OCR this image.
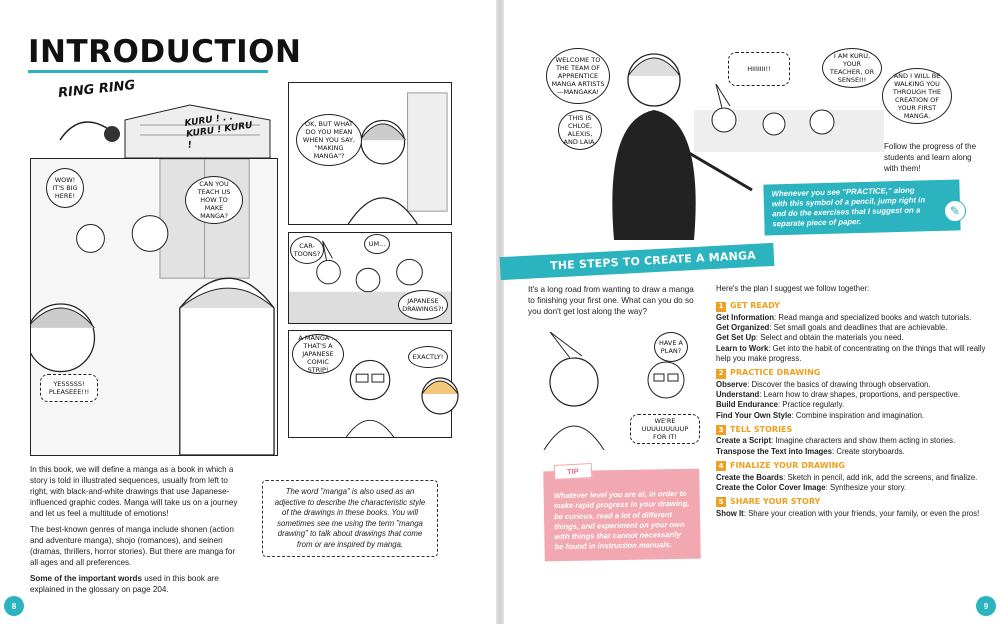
INTRODUCTION
RING RING
KURU ! . . KURU ! KURU !
WOW! IT'S BIG HERE!
CAN YOU TEACH US HOW TO MAKE MANGA?
YESSSSS! PLEASEEE!!!
OK, BUT WHAT DO YOU MEAN WHEN YOU SAY, "MAKING MANGA"?
CAR-TOONS?
UM...
JAPANESE DRAWINGS?!
A MANGA ... THAT'S A JAPANESE COMIC STRIP!
EXACTLY!

In this book, we will define a manga as a book in which a story is told in illustrated sequences, usually from left to right, with black-and-white drawings that use Japanese-influenced graphic codes. Manga will take us on a journey and let us feel a multitude of emotions!

The best-known genres of manga include shonen (action and adventure manga), shojo (romances), and seinen (dramas, thrillers, horror stories). But there are manga for all ages and all preferences.

Some of the important words used in this book are explained in the glossary on page 204.

The word "manga" is also used as an adjective to describe the characteristic style of the drawings in these books. You will sometimes see me using the term "manga drawing" to talk about drawings that come from or are inspired by manga.
8
WELCOME TO THE TEAM OF APPRENTICE MANGA ARTISTS—MANGAKA!
THIS IS CHLOE, ALEXIS, AND LAIA.
HIIIIIII!!
I AM KURU, YOUR TEACHER, OR SENSEI!!
AND I WILL BE WALKING YOU THROUGH THE CREATION OF YOUR FIRST MANGA.
Follow the progress of the students and learn along with them!
Whenever you see "PRACTICE," along with this symbol of a pencil, jump right in and do the exercises that I suggest on a separate piece of paper.
✎
THE STEPS TO CREATE A MANGA
It's a long road from wanting to draw a manga to finishing your first one. What can you do so you don't get lost along the way?
HAVE A PLAN?
WE'RE UUUUUUUUUP FOR IT!
Whatever level you are at, in order to make rapid progress in your drawing, be curious, read a lot of different things, and experiment on your own with things that cannot necessarily be found in instruction manuals.
TIP
Here's the plan I suggest we follow together:
1 GET READY
Get Information: Read manga and specialized books and watch tutorials.
Get Organized: Set small goals and deadlines that are achievable.
Get Set Up: Select and obtain the materials you need.
Learn to Work: Get into the habit of concentrating on the things that will really help you make progress.
2 PRACTICE DRAWING
Observe: Discover the basics of drawing through observation.
Understand: Learn how to draw shapes, proportions, and perspective.
Build Endurance: Practice regularly.
Find Your Own Style: Combine inspiration and imagination.
3 TELL STORIES
Create a Script: Imagine characters and show them acting in stories.
Transpose the Text into Images: Create storyboards.
4 FINALIZE YOUR DRAWING
Create the Boards: Sketch in pencil, add ink, add the screens, and finalize.
Create the Color Cover Image: Synthesize your story.
5 SHARE YOUR STORY
Show It: Share your creation with your friends, your family, or even the pros!
9
